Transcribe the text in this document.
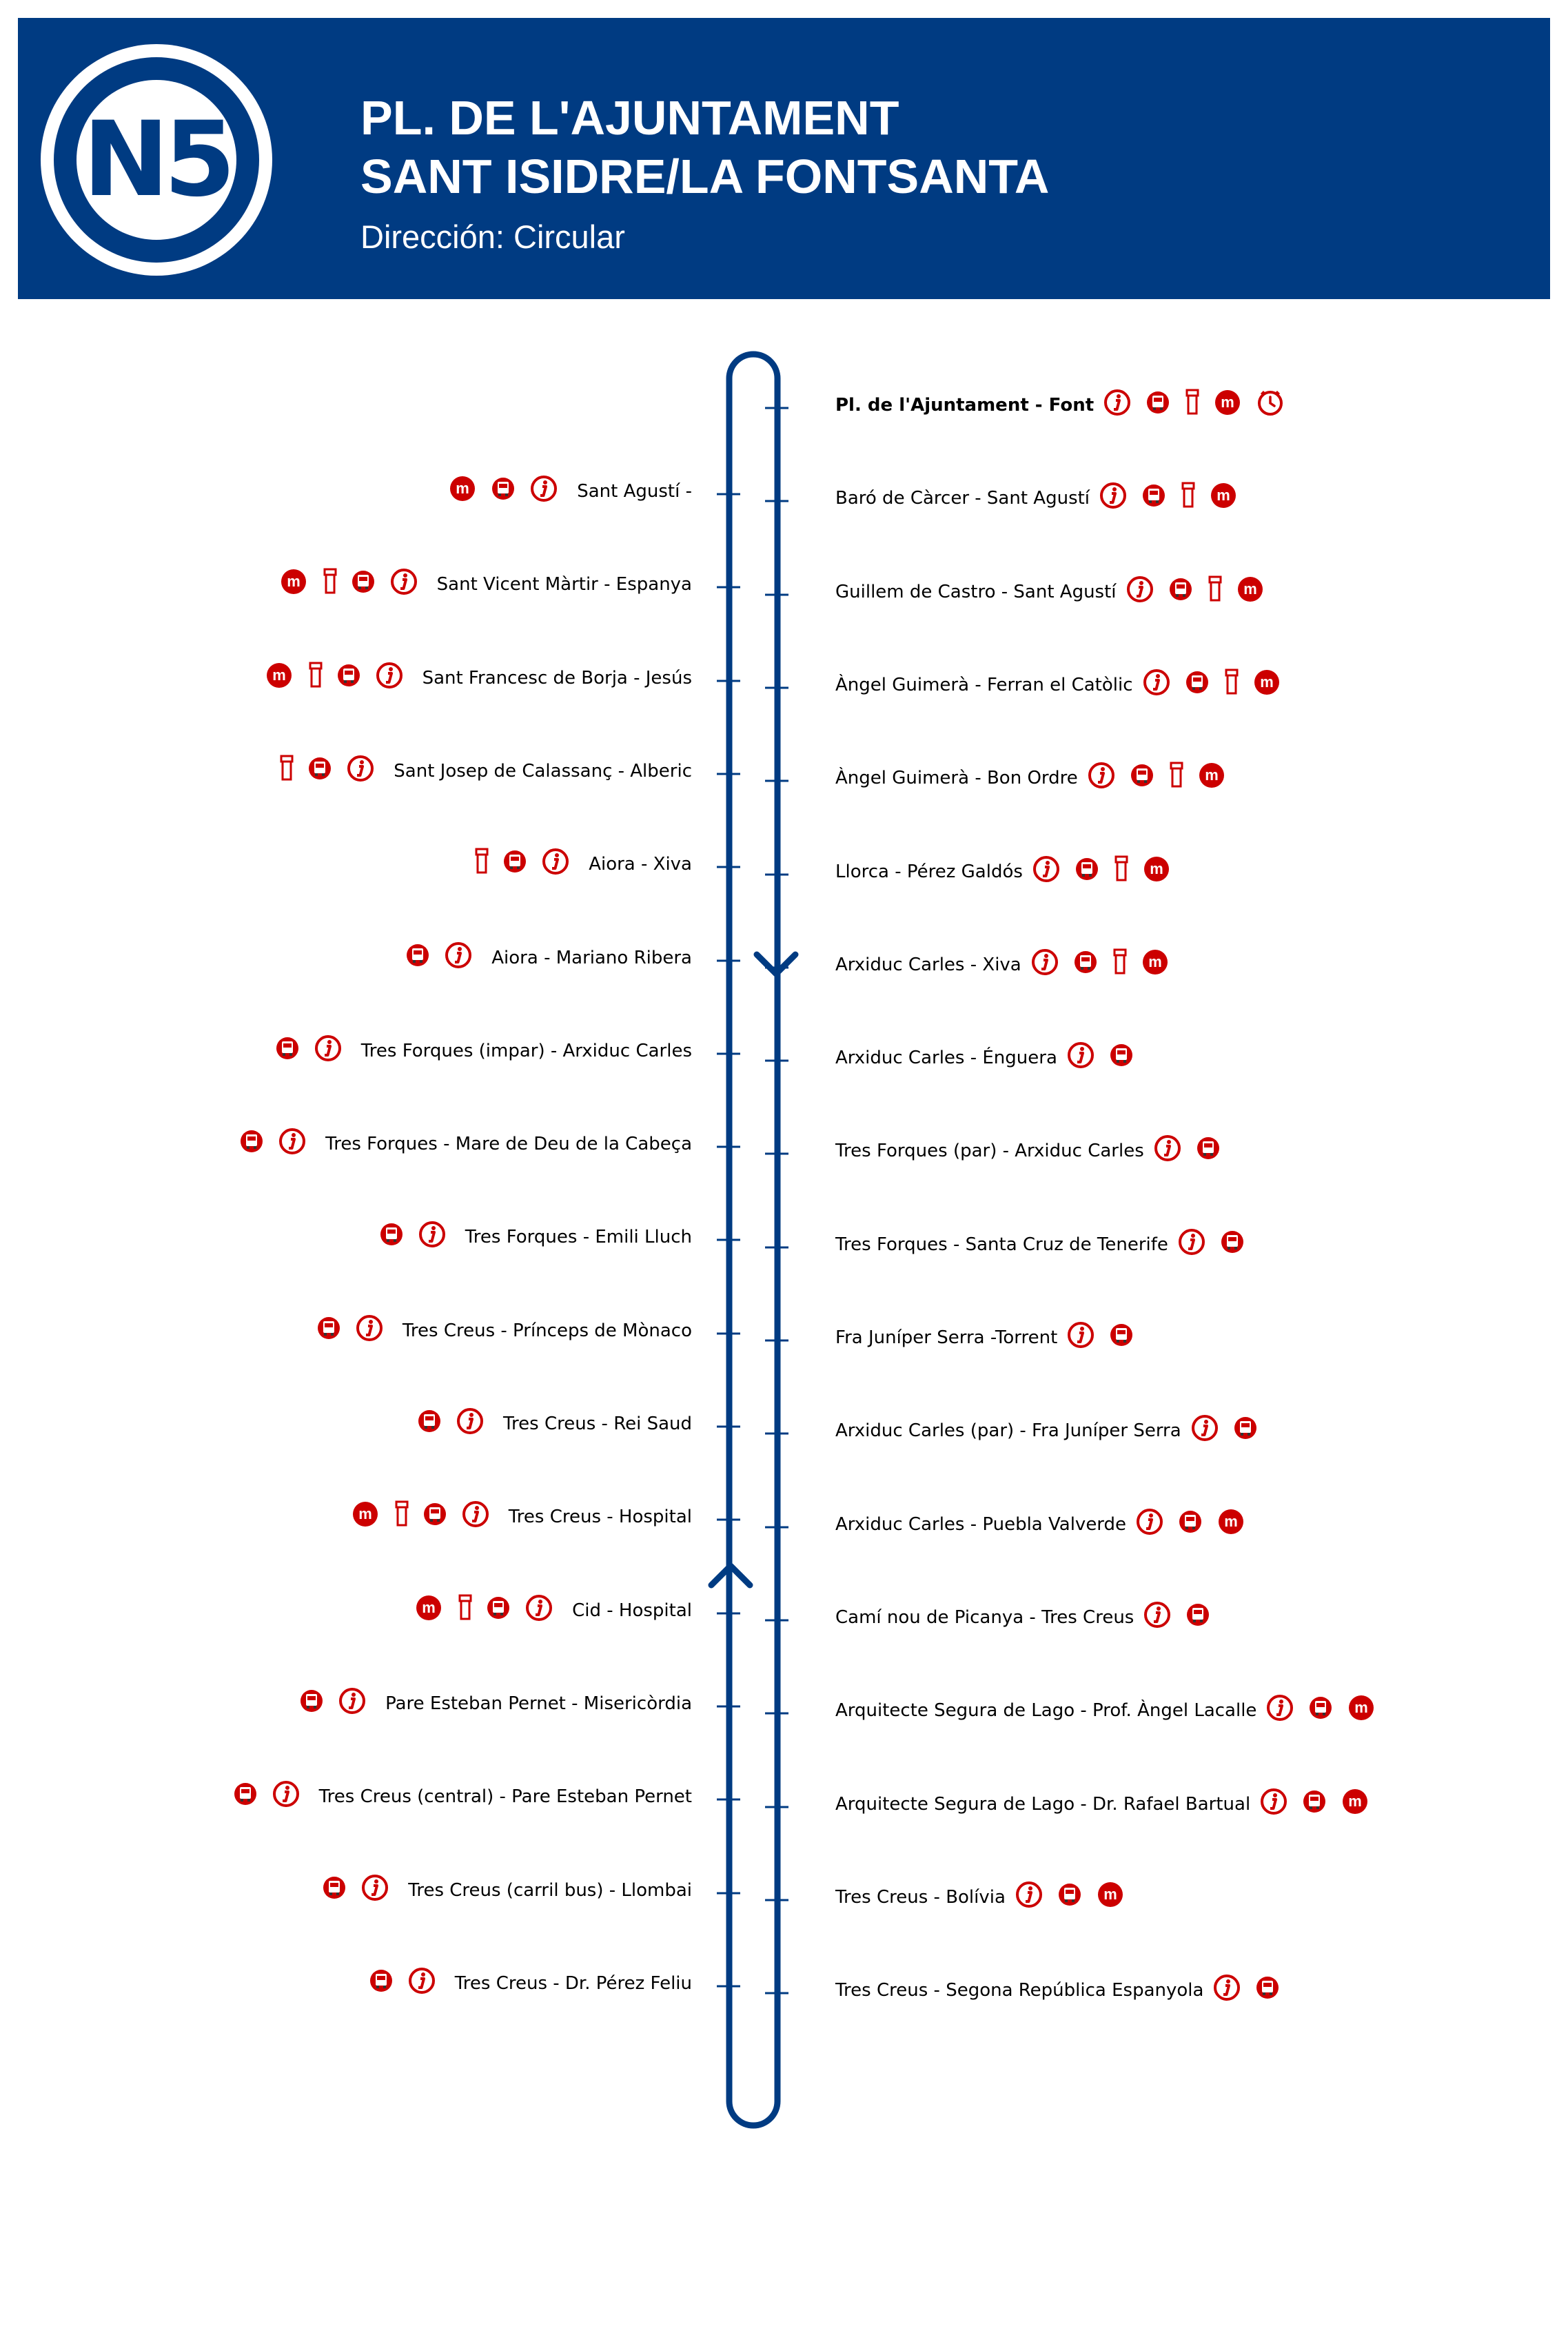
N5	PL. DE L'AJUNTAMENT
SANT ISIDRE/LA FONTSANTA
Dirección: Circular
Sant Agustí -
m
Sant Vicent Màrtir - Espanya
m
Sant Francesc de Borja - Jesús
m
Sant Josep de Calassanç - Alberic
Aiora - Xiva
Aiora - Mariano Ribera
Tres Forques (impar) - Arxiduc Carles
Tres Forques - Mare de Deu de la Cabeça
Tres Forques - Emili Lluch
Tres Creus - Prínceps de Mònaco
Tres Creus - Rei Saud
Tres Creus - Hospital
m
Cid - Hospital
m
Pare Esteban Pernet - Misericòrdia
Tres Creus (central) - Pare Esteban Pernet
Tres Creus (carril bus) - Llombai
Tres Creus - Dr. Pérez Feliu
Pl. de l'Ajuntament - Font	m
Baró de Càrcer - Sant Agustí	m
Guillem de Castro - Sant Agustí	m
Àngel Guimerà - Ferran el Catòlic	m
Àngel Guimerà - Bon Ordre	m
Llorca - Pérez Galdós	m
Arxiduc Carles - Xiva	m
Arxiduc Carles - Énguera
Tres Forques (par) - Arxiduc Carles
Tres Forques - Santa Cruz de Tenerife
Fra Juníper Serra -Torrent
Arxiduc Carles (par) - Fra Juníper Serra
Arxiduc Carles - Puebla Valverde	m
Camí nou de Picanya - Tres Creus
Arquitecte Segura de Lago - Prof. Àngel Lacalle	m
Arquitecte Segura de Lago - Dr. Rafael Bartual	m
Tres Creus - Bolívia	m
Tres Creus - Segona República Espanyola
